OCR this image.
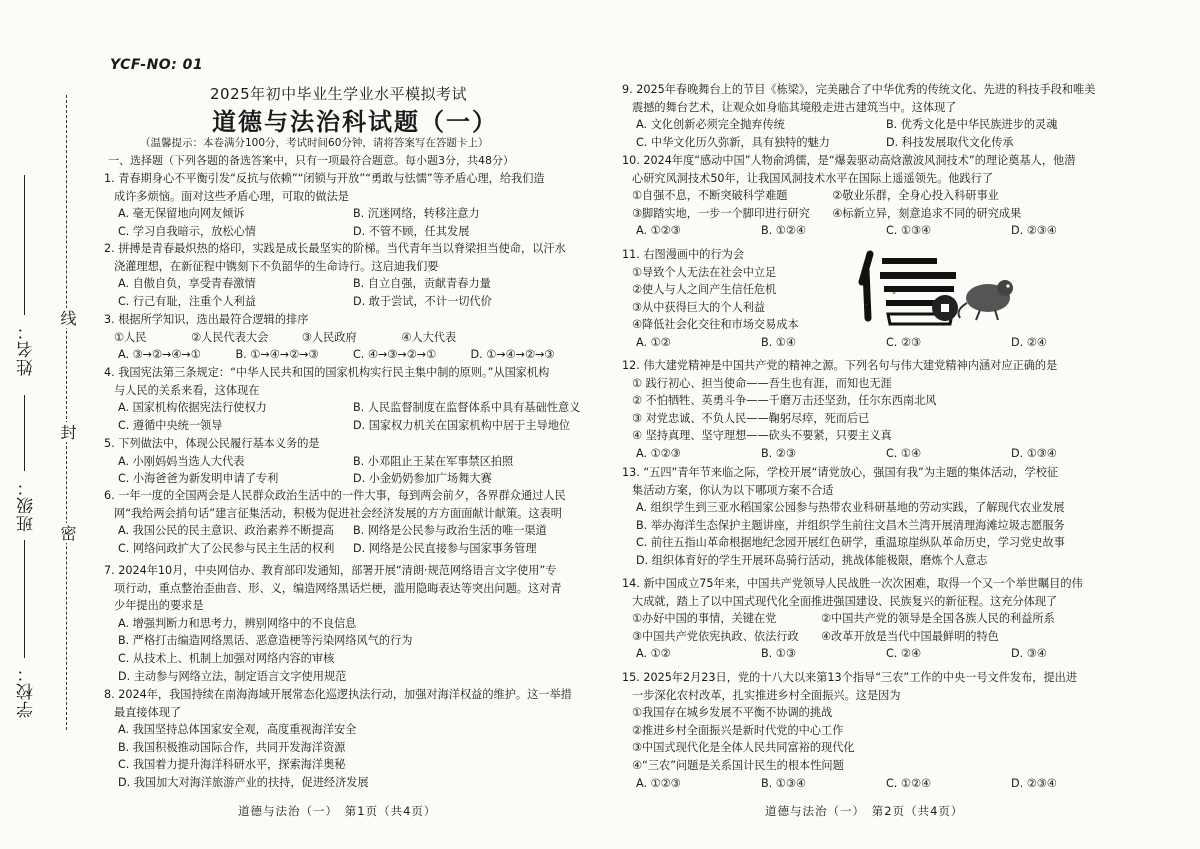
姓名：
班级：
学校：
线
封
密
YCF-NO: 01
2025年初中毕业生学业水平模拟考试
道德与法治科试题（一）
（温馨提示：本卷满分100分，考试时间60分钟，请将答案写在答题卡上）
一、选择题（下列各题的备选答案中，只有一项最符合题意。每小题3分，共48分）
1. 青春期身心不平衡引发“反抗与依赖”“闭锁与开放”“勇敢与怯懦”等矛盾心理，给我们造
成许多烦恼。面对这些矛盾心理，可取的做法是
A. 毫无保留地向网友倾诉	B. 沉迷网络，转移注意力
C. 学习自我暗示，放松心情	D. 不管不顾，任其发展
2. 拼搏是青春最炽热的烙印，实践是成长最坚实的阶梯。当代青年当以脊梁担当使命，以汗水
浇灌理想，在新征程中镌刻下不负韶华的生命诗行。这启迪我们要
A. 自傲自负，享受青春激情	B. 自立自强，贡献青春力量
C. 行己有耻，注重个人利益	D. 敢于尝试，不计一切代价
3. 根据所学知识，选出最符合逻辑的排序
①人民　　　　②人民代表大会　　　③人民政府　　　　④人大代表
A. ③→②→④→①	B. ①→④→②→③	C. ④→③→②→①	D. ①→④→②→③
4. 我国宪法第三条规定：“中华人民共和国的国家机构实行民主集中制的原则。”从国家机构
与人民的关系来看，这体现在
A. 国家机构依据宪法行使权力	B. 人民监督制度在监督体系中具有基础性意义
C. 遵循中央统一领导	D. 国家权力机关在国家机构中居于主导地位
5. 下列做法中，体现公民履行基本义务的是
A. 小刚妈妈当选人大代表	B. 小邓阻止王某在军事禁区拍照
C. 小海爸爸为新发明申请了专利	D. 小金奶奶参加广场舞大赛
6. 一年一度的全国两会是人民群众政治生活中的一件大事，每到两会前夕，各界群众通过人民
网“我给两会捎句话”建言征集活动，积极为促进社会经济发展的方方面面献计献策。这表明
A. 我国公民的民主意识、政治素养不断提高 B. 网络是公民参与政治生活的唯一渠道
C. 网络问政扩大了公民参与民主生活的权利 D. 网络是公民直接参与国家事务管理
7. 2024年10月，中央网信办、教育部印发通知，部署开展“清朗·规范网络语言文字使用”专
项行动，重点整治歪曲音、形、义，编造网络黑话烂梗，滥用隐晦表达等突出问题。这对青
少年提出的要求是
A. 增强判断力和思考力，辨别网络中的不良信息
B. 严格打击编造网络黑话、恶意造梗等污染网络风气的行为
C. 从技术上、机制上加强对网络内容的审核
D. 主动参与网络立法，制定语言文字使用规范
8. 2024年，我国持续在南海海域开展常态化巡逻执法行动，加强对海洋权益的维护。这一举措
最直接体现了
A. 我国坚持总体国家安全观，高度重视海洋安全
B. 我国积极推动国际合作，共同开发海洋资源
C. 我国着力提升海洋科研水平，探索海洋奥秘
D. 我国加大对海洋旅游产业的扶持，促进经济发展
9. 2025年春晚舞台上的节目《栋梁》，完美融合了中华优秀的传统文化、先进的科技手段和唯美
震撼的舞台艺术，让观众如身临其境般走进古建筑当中。这体现了
A. 文化创新必须完全抛弃传统	B. 优秀文化是中华民族进步的灵魂
C. 中华文化历久弥新，具有独特的魅力	D. 科技发展取代文化传承
10. 2024年度“感动中国”人物俞鸿儒，是“爆轰驱动高焓激波风洞技术”的理论奠基人，他潜
心研究风洞技术50年，让我国风洞技术水平在国际上遥遥领先。他践行了
①自强不息，不断突破科学难题　　　　②敬业乐群，全身心投入科研事业
③脚踏实地，一步一个脚印进行研究　　④标新立异，刻意追求不同的研究成果
A. ①②③	B. ①②④	C. ①③④	D. ②③④
11. 右图漫画中的行为会
①导致个人无法在社会中立足
②使人与人之间产生信任危机
③从中获得巨大的个人利益
④降低社会化交往和市场交易成本
A. ①②	B. ①④	C. ②③	D. ②④
12. 伟大建党精神是中国共产党的精神之源。下列名句与伟大建党精神内涵对应正确的是
① 践行初心、担当使命——吾生也有涯，而知也无涯
② 不怕牺牲、英勇斗争——千磨万击还坚劲，任尔东西南北风
③ 对党忠诚、不负人民——鞠躬尽瘁，死而后已
④ 坚持真理、坚守理想——砍头不要紧，只要主义真
A. ①②③	B. ②③	C. ①④	D. ①③④
13. “五四”青年节来临之际，学校开展“请党放心，强国有我”为主题的集体活动，学校征
集活动方案，你认为以下哪项方案不合适
A. 组织学生到三亚水稻国家公园参与热带农业科研基地的劳动实践，了解现代农业发展
B. 举办海洋生态保护主题讲座，并组织学生前往文昌木兰湾开展清理海滩垃圾志愿服务
C. 前往五指山革命根据地纪念园开展红色研学，重温琼崖纵队革命历史，学习党史故事
D. 组织体育好的学生开展环岛骑行活动，挑战体能极限，磨炼个人意志
14. 新中国成立75年来，中国共产党领导人民战胜一次次困难，取得一个又一个举世瞩目的伟
大成就，踏上了以中国式现代化全面推进强国建设、民族复兴的新征程。这充分体现了
①办好中国的事情，关键在党　　　　②中国共产党的领导是全国各族人民的利益所系
③中国共产党依宪执政、依法行政　　④改革开放是当代中国最鲜明的特色
A. ①②	B. ①③	C. ②④	D. ③④
15. 2025年2月23日，党的十八大以来第13个指导“三农”工作的中央一号文件发布，提出进
一步深化农村改革，扎实推进乡村全面振兴。这是因为
①我国存在城乡发展不平衡不协调的挑战
②推进乡村全面振兴是新时代党的中心工作
③中国式现代化是全体人民共同富裕的现代化
④“三农”问题是关系国计民生的根本性问题
A. ①②③	B. ①③④	C. ①②④	D. ②③④
“
”
道德与法治（一）　第1页（共4页）	道德与法治（一）　第2页（共4页）
